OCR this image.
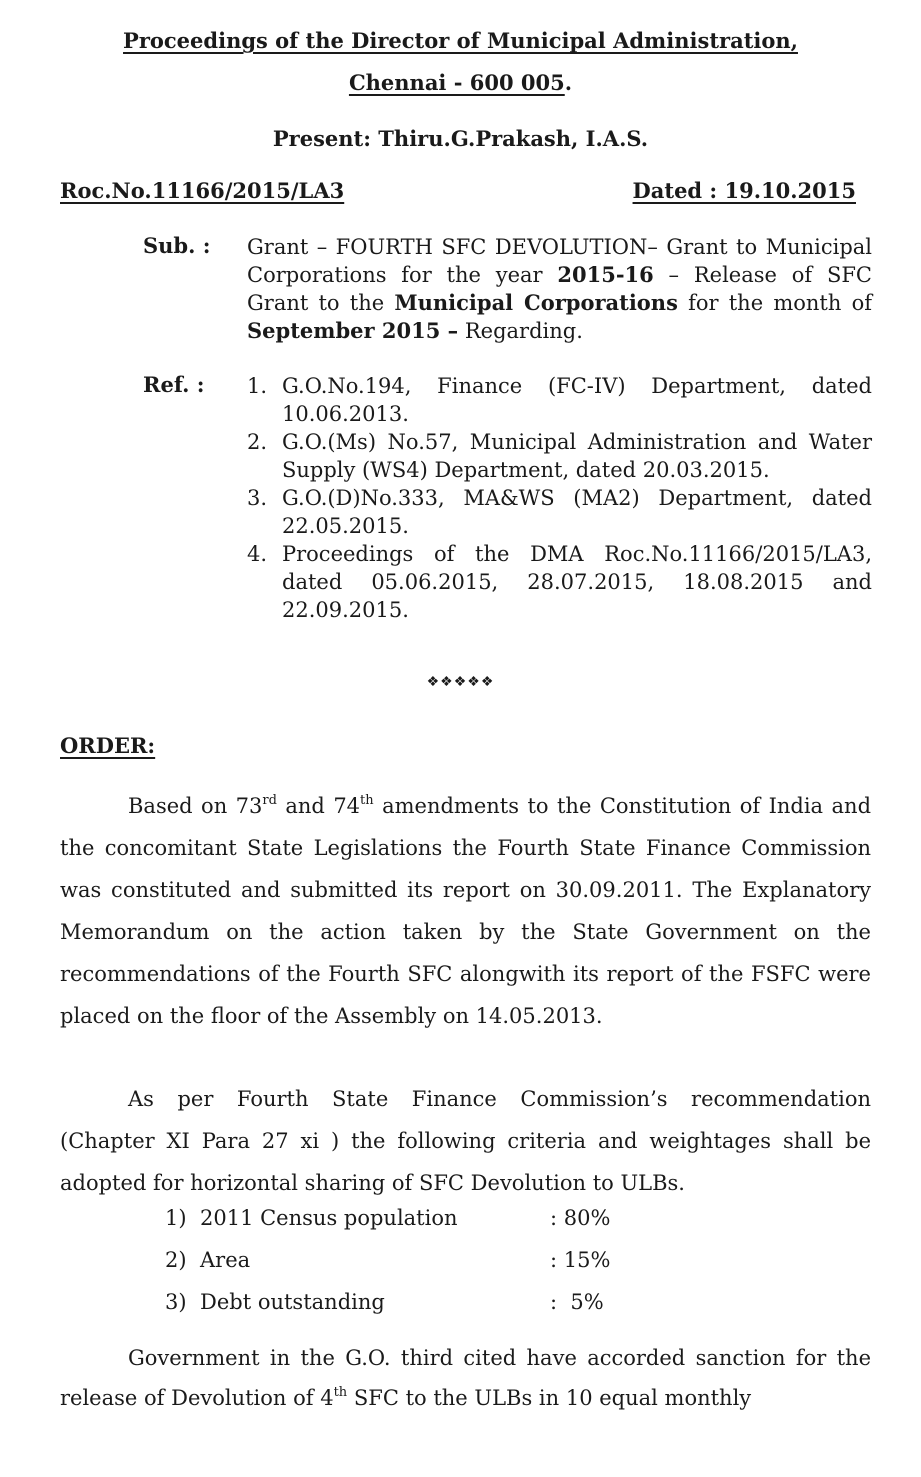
Proceedings of the Director of Municipal Administration,
Chennai - 600 005.
Present: Thiru.G.Prakash, I.A.S.
Roc.No.11166/2015/LA3	Dated : 19.10.2015
Sub. : Grant – FOURTH SFC DEVOLUTION– Grant to Municipal Corporations for the year 2015-16 – Release of SFC Grant to the Municipal Corporations for the month of September 2015 – Regarding.
Ref. : 1. G.O.No.194, Finance (FC-IV) Department, dated 10.06.2013.
2. G.O.(Ms) No.57, Municipal Administration and Water Supply (WS4) Department, dated 20.03.2015.
3. G.O.(D)No.333, MA&WS (MA2) Department, dated 22.05.2015.
4. Proceedings of the DMA Roc.No.11166/2015/LA3, dated 05.06.2015, 28.07.2015, 18.08.2015 and 22.09.2015.
❖❖❖❖❖
ORDER:

Based on 73rd and 74th amendments to the Constitution of India and the concomitant State Legislations the Fourth State Finance Commission was constituted and submitted its report on 30.09.2011. The Explanatory Memorandum on the action taken by the State Government on the recommendations of the Fourth SFC alongwith its report of the FSFC were placed on the floor of the Assembly on 14.05.2013.

As per Fourth State Finance Commission’s recommendation (Chapter XI Para 27 xi ) the following criteria and weightages shall be adopted for horizontal sharing of SFC Devolution to ULBs.

1) 2011 Census population	: 80%
2) Area	: 15%
3) Debt outstanding	:  5%

Government in the G.O. third cited have accorded sanction for the release of Devolution of 4th SFC to the ULBs in 10 equal monthly
